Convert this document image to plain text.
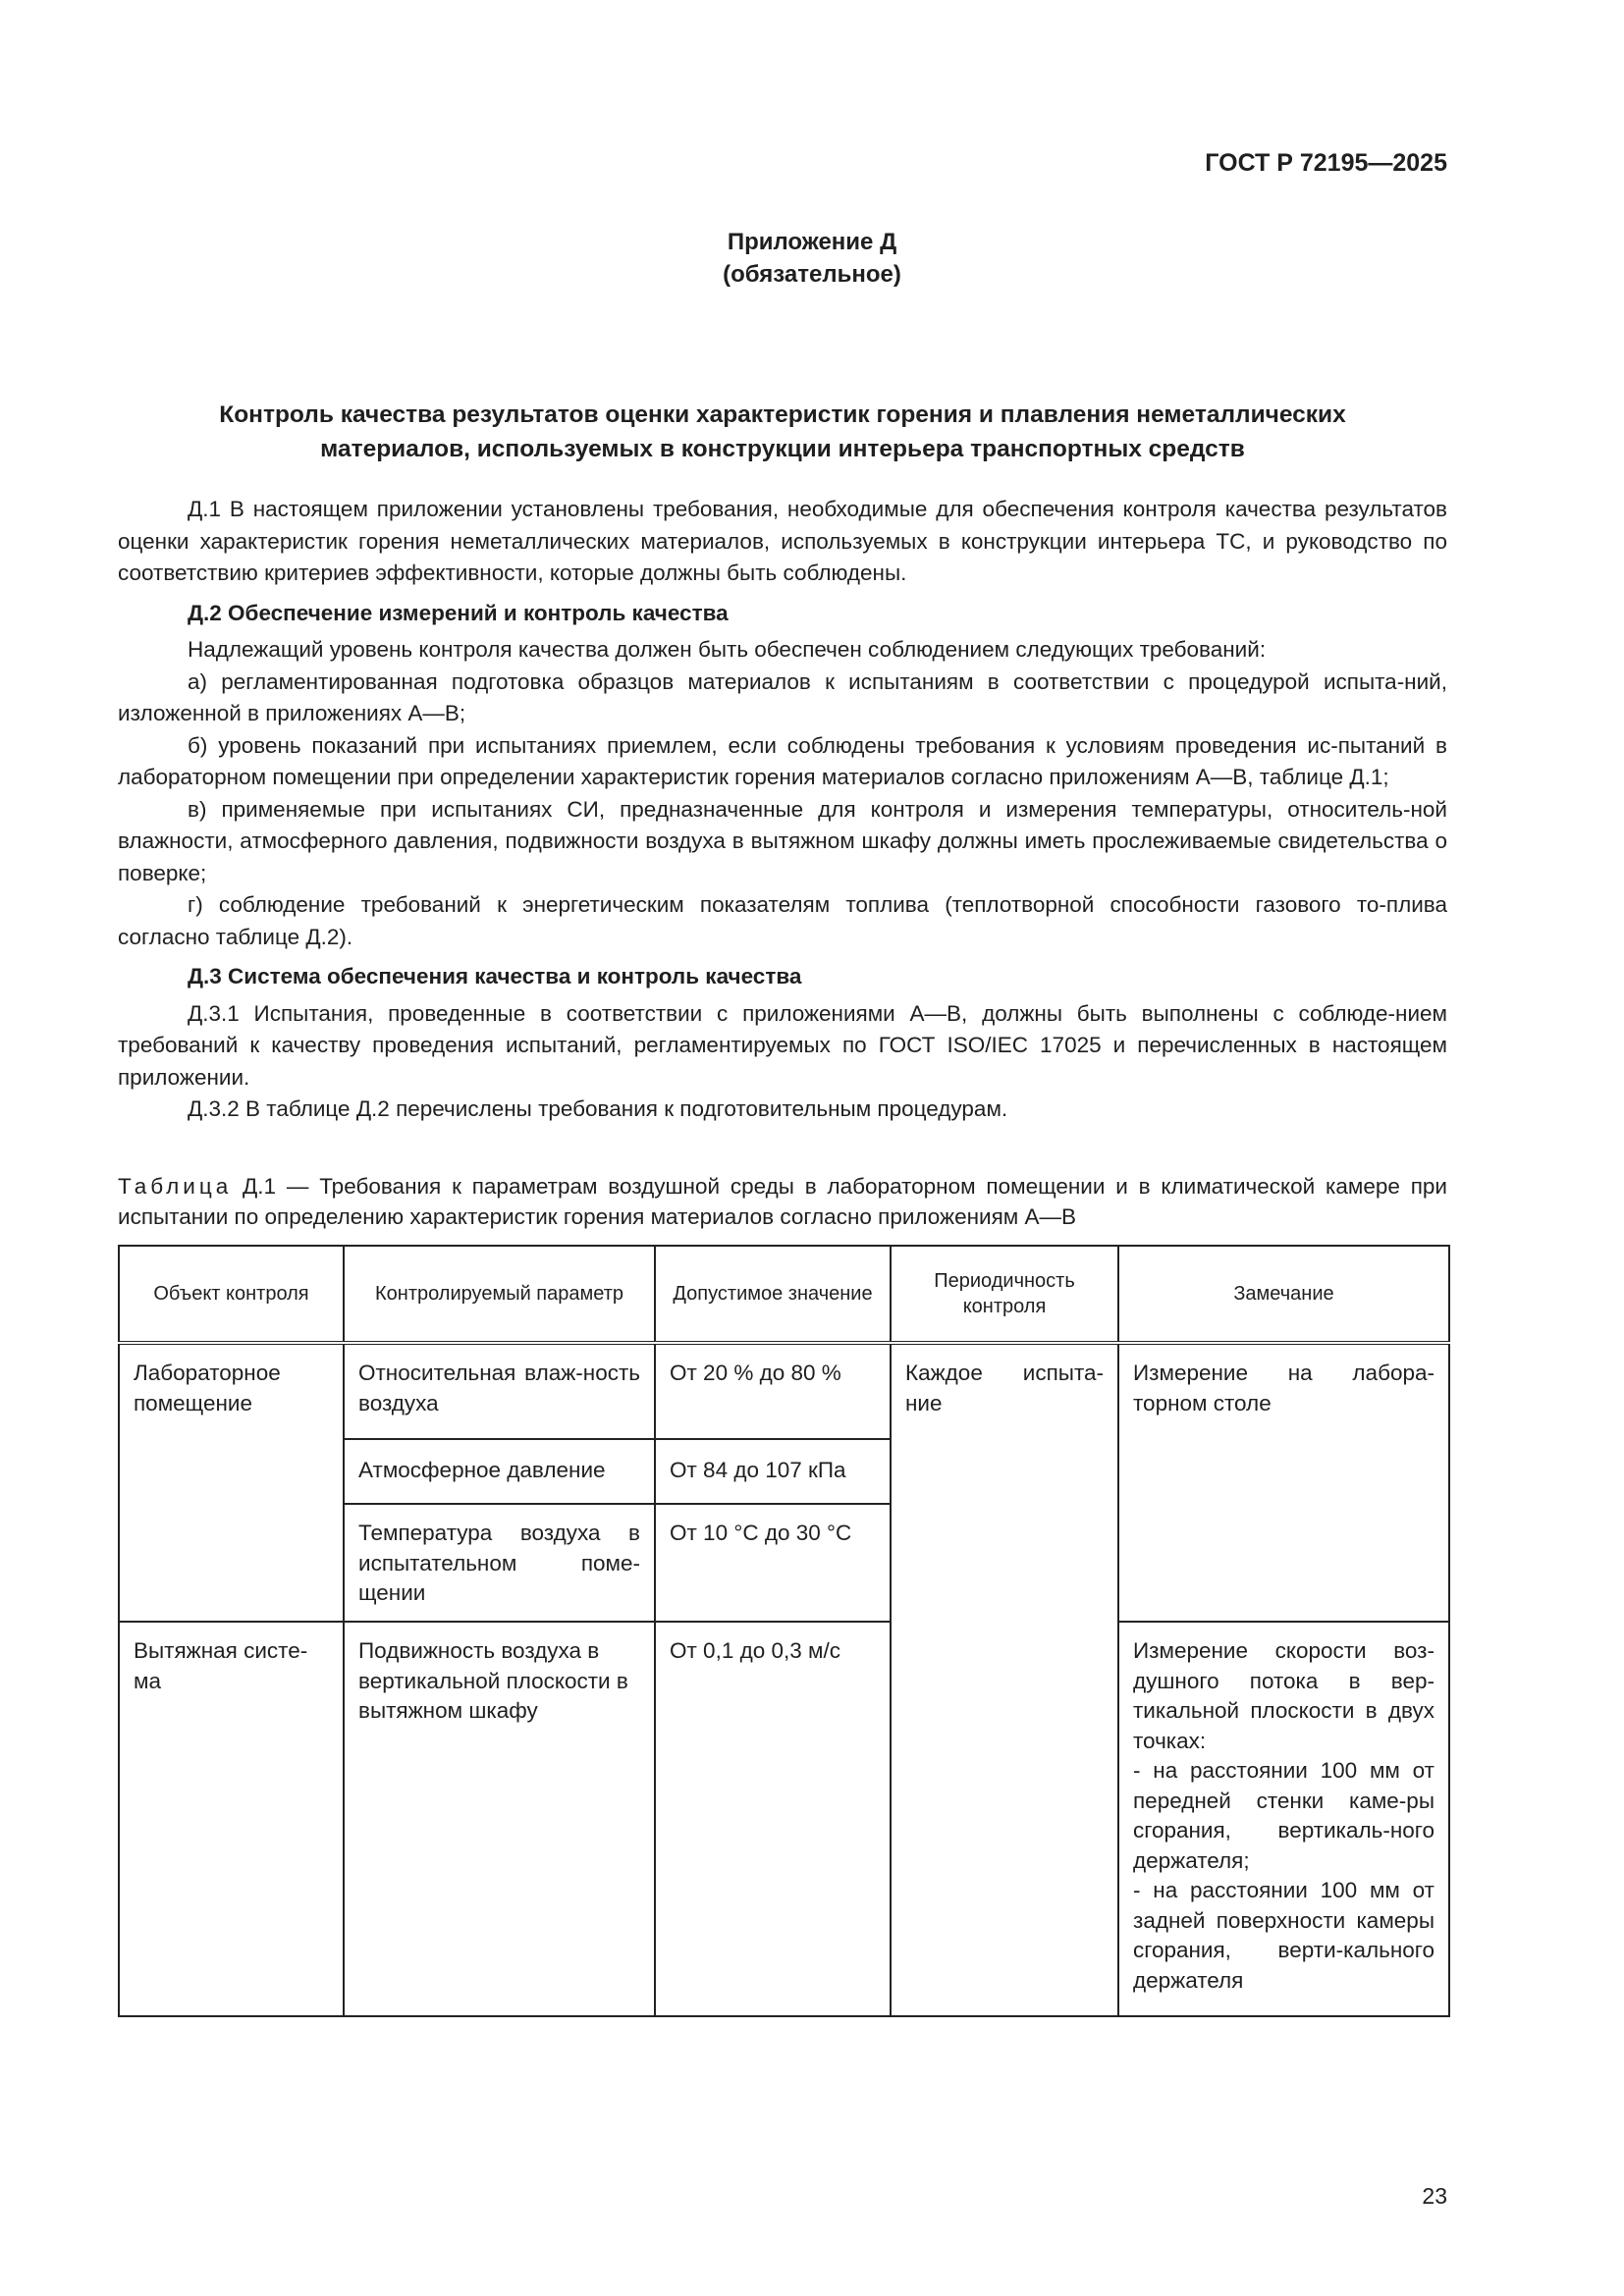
ГОСТ Р 72195—2025
Приложение Д
(обязательное)
Контроль качества результатов оценки характеристик горения и плавления неметаллических
материалов, используемых в конструкции интерьера транспортных средств

Д.1 В настоящем приложении установлены требования, необходимые для обеспечения контроля качества результатов оценки характеристик горения неметаллических материалов, используемых в конструкции интерьера ТС, и руководство по соответствию критериев эффективности, которые должны быть соблюдены.

Д.2 Обеспечение измерений и контроль качества

Надлежащий уровень контроля качества должен быть обеспечен соблюдением следующих требований:

а) регламентированная подготовка образцов материалов к испытаниям в соответствии с процедурой испыта-ний, изложенной в приложениях А—В;

б) уровень показаний при испытаниях приемлем, если соблюдены требования к условиям проведения ис-пытаний в лабораторном помещении при определении характеристик горения материалов согласно приложениям А—В, таблице Д.1;

в) применяемые при испытаниях СИ, предназначенные для контроля и измерения температуры, относитель-ной влажности, атмосферного давления, подвижности воздуха в вытяжном шкафу должны иметь прослеживаемые свидетельства о поверке;

г) соблюдение требований к энергетическим показателям топлива (теплотворной способности газового то-плива согласно таблице Д.2).

Д.3 Система обеспечения качества и контроль качества

Д.3.1 Испытания, проведенные в соответствии с приложениями А—В, должны быть выполнены с соблюде-нием требований к качеству проведения испытаний, регламентируемых по ГОСТ ISO/IEC 17025 и перечисленных в настоящем приложении.

Д.3.2 В таблице Д.2 перечислены требования к подготовительным процедурам.

Таблица Д.1 — Требования к параметрам воздушной среды в лабораторном помещении и в климатической камере при испытании по определению характеристик горения материалов согласно приложениям А—В
Объект контроля	Контролируемый параметр	Допустимое значение	Периодичность контроля	Замечание
Лабораторное помещение	Относительная влаж-ность воздуха	От 20 % до 80 %	Каждое испыта-ние	Измерение на лабора-торном столе
	Атмосферное давление	От 84 до 107 кПа		
	Температура воздуха в испытательном поме-щении	От 10 °C до 30 °C		
Вытяжная систе-ма	Подвижность воздуха в вертикальной плоскости в вытяжном шкафу	От 0,1 до 0,3 м/с		Измерение скорости воз-душного потока в вер-тикальной плоскости в двух точках:
- на расстоянии 100 мм от передней стенки каме-ры сгорания, вертикаль-ного держателя;
- на расстоянии 100 мм от задней поверхности камеры сгорания, верти-кального держателя
23
